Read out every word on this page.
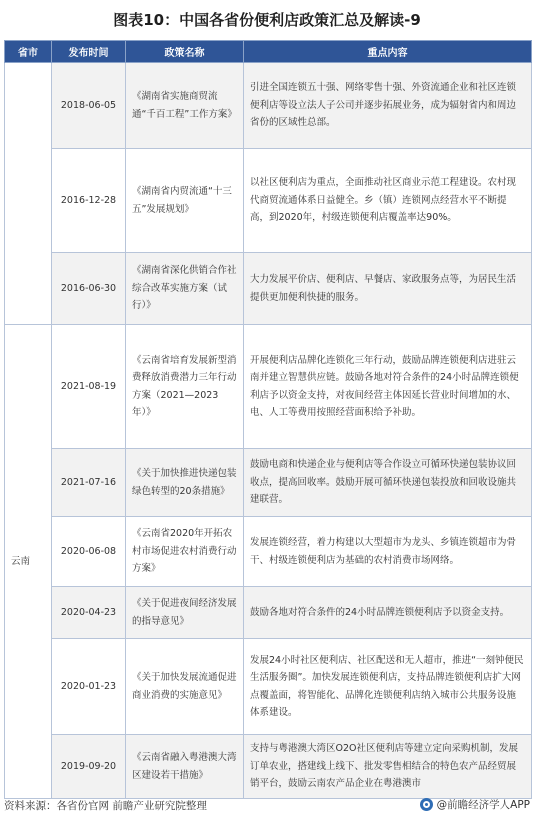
图表10：中国各省份便利店政策汇总及解读-9
省市	发布时间	政策名称	重点内容
	2018-06-05	《湖南省实施商贸流通“千百工程”工作方案》	引进全国连锁五十强、网络零售十强、外资流通企业和社区连锁便利店等设立法人子公司并逐步拓展业务，成为辐射省内和周边省份的区域性总部。
	2016-12-28	《湖南省内贸流通“十三五”发展规划》	以社区便利店为重点，全面推动社区商业示范工程建设。农村现代商贸流通体系日益健全。乡（镇）连锁网点经营水平不断提高，到2020年，村级连锁便利店覆盖率达90%。
	2016-06-30	《湖南省深化供销合作社综合改革实施方案（试行）》	大力发展平价店、便利店、早餐店、家政服务点等，为居民生活提供更加便利快捷的服务。
云南	2021-08-19	《云南省培育发展新型消费释放消费潜力三年行动方案（2021—2023年）》	开展便利店品牌化连锁化三年行动，鼓励品牌连锁便利店进驻云南并建立智慧供应链。鼓励各地对符合条件的24小时品牌连锁便利店予以资金支持，对夜间经营主体因延长营业时间增加的水、电、人工等费用按照经营面积给予补助。
	2021-07-16	《关于加快推进快递包装绿色转型的20条措施》	鼓励电商和快递企业与便利店等合作设立可循环快递包装协议回收点，提高回收率。鼓励开展可循环快递包装投放和回收设施共建联营。
	2020-06-08	《云南省2020年开拓农村市场促进农村消费行动方案》	发展连锁经营，着力构建以大型超市为龙头、乡镇连锁超市为骨干、村级连锁便利店为基础的农村消费市场网络。
	2020-04-23	《关于促进夜间经济发展的指导意见》	鼓励各地对符合条件的24小时品牌连锁便利店予以资金支持。
	2020-01-23	《关于加快发展流通促进商业消费的实施意见》	发展24小时社区便利店、社区配送和无人超市，推进“一刻钟便民生活服务圈”。加快发展连锁便利店，支持品牌连锁便利店扩大网点覆盖面，将智能化、品牌化连锁便利店纳入城市公共服务设施体系建设。
	2019-09-20	《云南省融入粤港澳大湾区建设若干措施》	支持与粤港澳大湾区O2O社区便利店等建立定向采购机制，发展订单农业，搭建线上线下、批发零售相结合的特色农产品经贸展销平台，鼓励云南农产品企业在粤港澳市
资料来源：各省份官网 前瞻产业研究院整理	@前瞻经济学人APP
